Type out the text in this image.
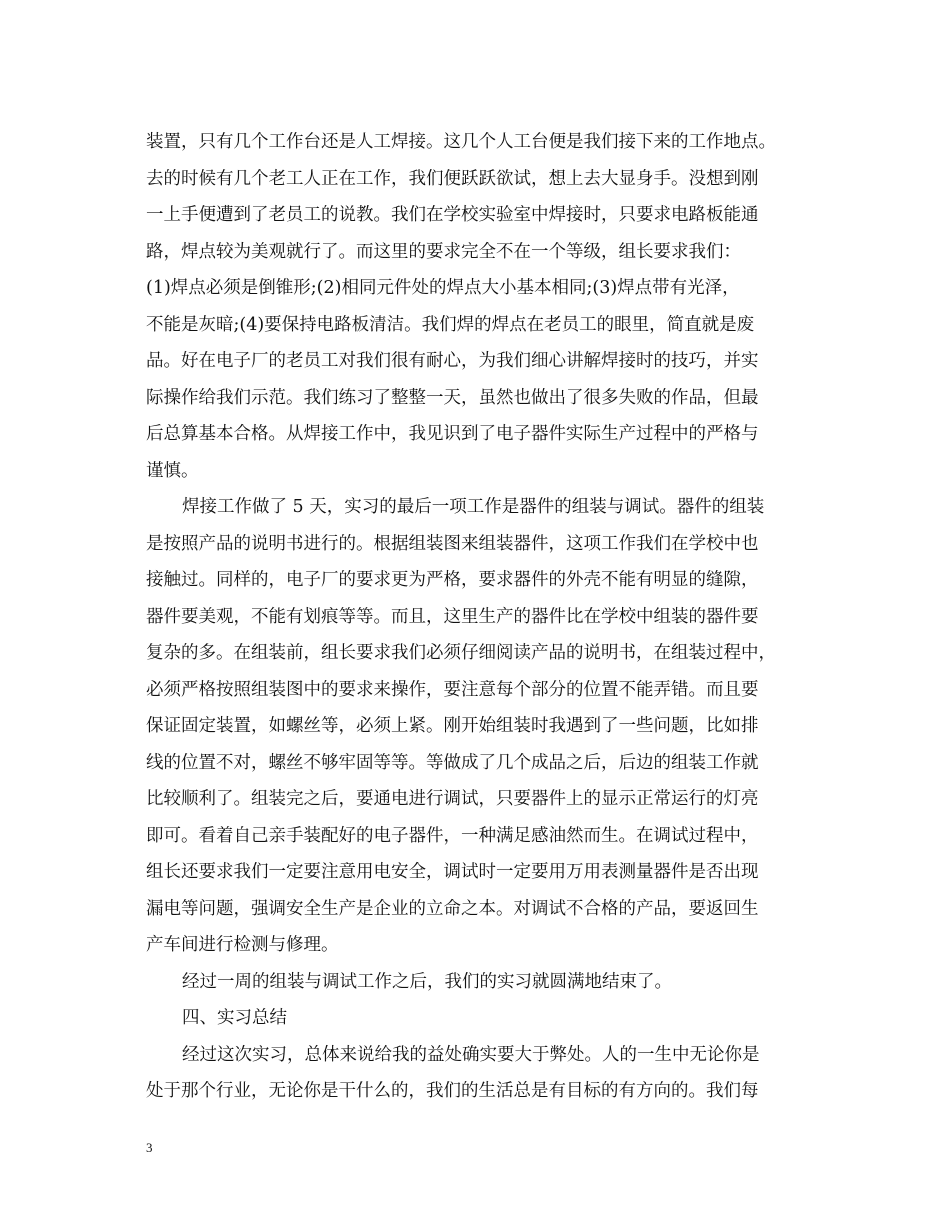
装置，只有几个工作台还是人工焊接。这几个人工台便是我们接下来的工作地点。
去的时候有几个老工人正在工作，我们便跃跃欲试，想上去大显身手。没想到刚
一上手便遭到了老员工的说教。我们在学校实验室中焊接时，只要求电路板能通
路，焊点较为美观就行了。而这里的要求完全不在一个等级，组长要求我们：
(1)焊点必须是倒锥形;(2)相同元件处的焊点大小基本相同;(3)焊点带有光泽，
不能是灰暗;(4)要保持电路板清洁。我们焊的焊点在老员工的眼里，简直就是废
品。好在电子厂的老员工对我们很有耐心，为我们细心讲解焊接时的技巧，并实
际操作给我们示范。我们练习了整整一天，虽然也做出了很多失败的作品，但最
后总算基本合格。从焊接工作中，我见识到了电子器件实际生产过程中的严格与
谨慎。
焊接工作做了 5 天，实习的最后一项工作是器件的组装与调试。器件的组装
是按照产品的说明书进行的。根据组装图来组装器件，这项工作我们在学校中也
接触过。同样的，电子厂的要求更为严格，要求器件的外壳不能有明显的缝隙，
器件要美观，不能有划痕等等。而且，这里生产的器件比在学校中组装的器件要
复杂的多。在组装前，组长要求我们必须仔细阅读产品的说明书，在组装过程中，
必须严格按照组装图中的要求来操作，要注意每个部分的位置不能弄错。而且要
保证固定装置，如螺丝等，必须上紧。刚开始组装时我遇到了一些问题，比如排
线的位置不对，螺丝不够牢固等等。等做成了几个成品之后，后边的组装工作就
比较顺利了。组装完之后，要通电进行调试，只要器件上的显示正常运行的灯亮
即可。看着自己亲手装配好的电子器件，一种满足感油然而生。在调试过程中，
组长还要求我们一定要注意用电安全，调试时一定要用万用表测量器件是否出现
漏电等问题，强调安全生产是企业的立命之本。对调试不合格的产品，要返回生
产车间进行检测与修理。
经过一周的组装与调试工作之后，我们的实习就圆满地结束了。
四、实习总结
经过这次实习，总体来说给我的益处确实要大于弊处。人的一生中无论你是
处于那个行业，无论你是干什么的，我们的生活总是有目标的有方向的。我们每
3
